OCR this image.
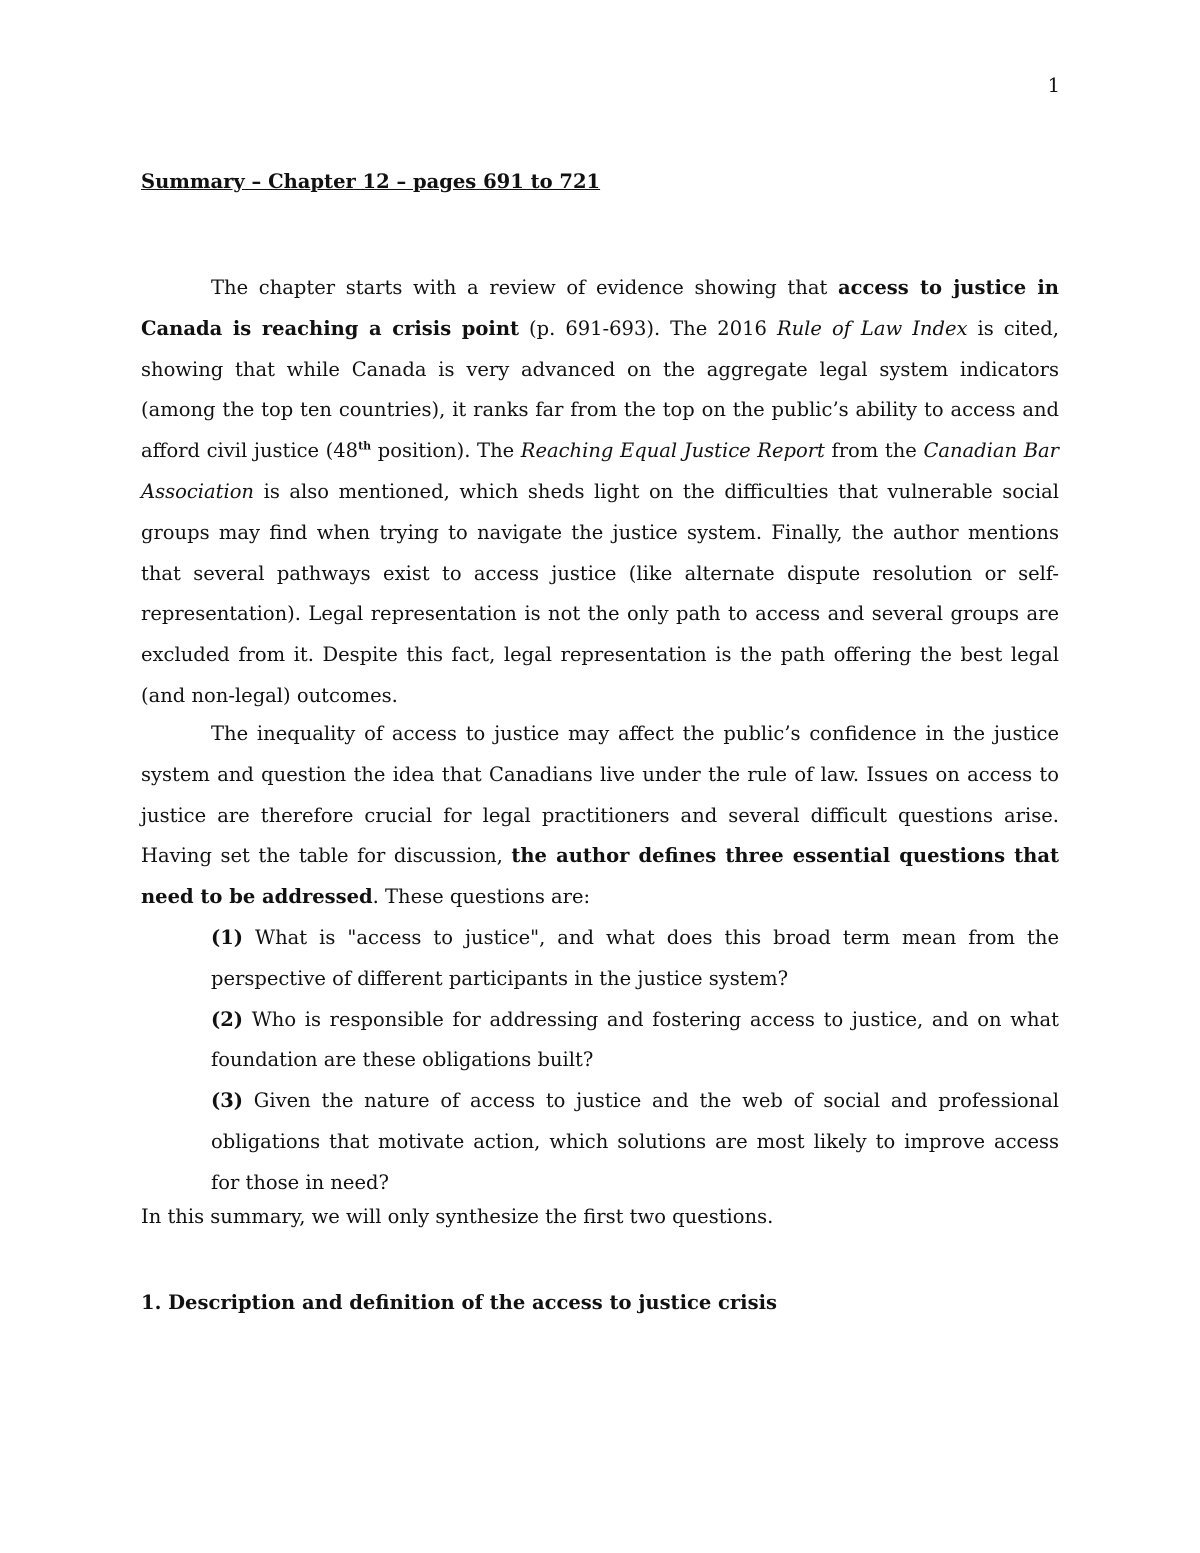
1
Summary – Chapter 12 – pages 691 to 721
The chapter starts with a review of evidence showing that access to justice in Canada is reaching a crisis point (p. 691-693). The 2016 Rule of Law Index is cited, showing that while Canada is very advanced on the aggregate legal system indicators (among the top ten countries), it ranks far from the top on the public’s ability to access and afford civil justice (48th position). The Reaching Equal Justice Report from the Canadian Bar Association is also mentioned, which sheds light on the difficulties that vulnerable social groups may find when trying to navigate the justice system. Finally, the author mentions that several pathways exist to access justice (like alternate dispute resolution or self-representation). Legal representation is not the only path to access and several groups are excluded from it. Despite this fact, legal representation is the path offering the best legal (and non-legal) outcomes.
The inequality of access to justice may affect the public’s confidence in the justice system and question the idea that Canadians live under the rule of law. Issues on access to justice are therefore crucial for legal practitioners and several difficult questions arise. Having set the table for discussion, the author defines three essential questions that need to be addressed. These questions are:
(1) What is "access to justice", and what does this broad term mean from the perspective of different participants in the justice system?
(2) Who is responsible for addressing and fostering access to justice, and on what foundation are these obligations built?
(3) Given the nature of access to justice and the web of social and professional obligations that motivate action, which solutions are most likely to improve access for those in need?
In this summary, we will only synthesize the first two questions.
1. Description and definition of the access to justice crisis
